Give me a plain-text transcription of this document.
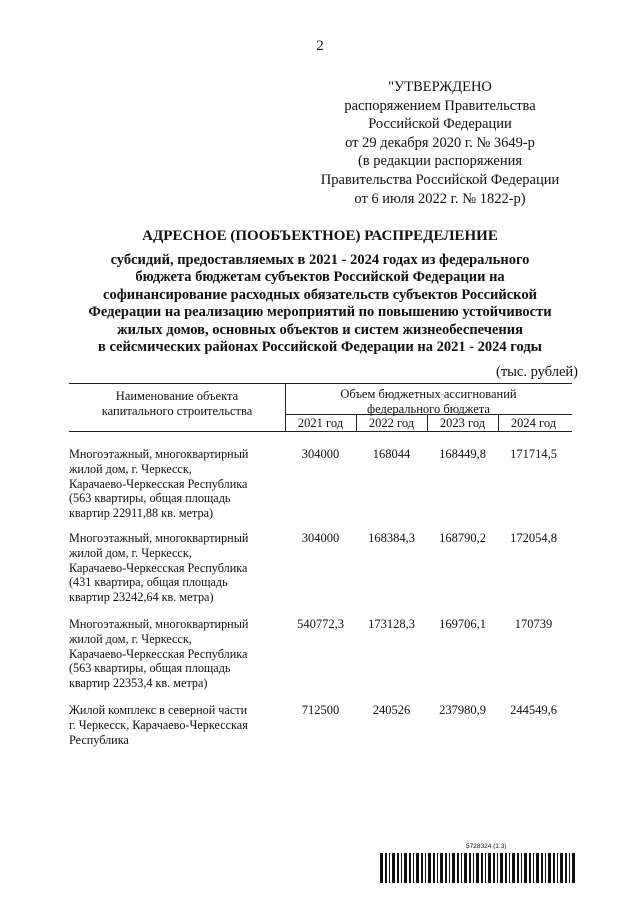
2
"УТВЕРЖДЕНО
распоряжением Правительства
Российской Федерации
от 29 декабря 2020 г. № 3649-р
(в редакции распоряжения
Правительства Российской Федерации
от 6 июля 2022 г. № 1822-р)
АДРЕСНОЕ (ПООБЪЕКТНОЕ) РАСПРЕДЕЛЕНИЕ
субсидий, предоставляемых в 2021 - 2024 годах из федерального
бюджета бюджетам субъектов Российской Федерации на
софинансирование расходных обязательств субъектов Российской
Федерации на реализацию мероприятий по повышению устойчивости
жилых домов, основных объектов и систем жизнеобеспечения
в сейсмических районах Российской Федерации на 2021 - 2024 годы
(тыс. рублей)
Наименование объекта
капитального строительства
Объем бюджетных ассигнований
федерального бюджета
2021 год	2022 год	2023 год	2024 год
Многоэтажный, многоквартирный
жилой дом, г. Черкесск,
Карачаево-Черкесская Республика
(563 квартиры, общая площадь
квартир 22911,88 кв. метра)
304000	168044	168449,8	171714,5
Многоэтажный, многоквартирный
жилой дом, г. Черкесск,
Карачаево-Черкесская Республика
(431 квартира, общая площадь
квартир 23242,64 кв. метра)
304000	168384,3	168790,2	172054,8
Многоэтажный, многоквартирный
жилой дом, г. Черкесск,
Карачаево-Черкесская Республика
(563 квартиры, общая площадь
квартир 22353,4 кв. метра)
540772,3	173128,3	169706,1	170739
Жилой комплекс в северной части
г. Черкесск, Карачаево-Черкесская
Республика
712500	240526	237980,9	244549,6
5728324 (1.3)
